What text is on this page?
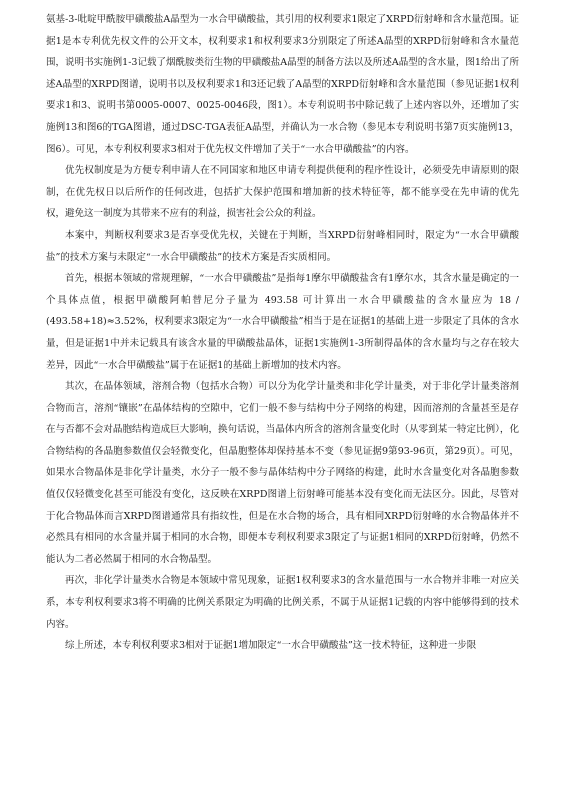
氨基-3-吡啶甲酰胺甲磺酸盐A晶型为一水合甲磺酸盐，其引用的权利要求1限定了XRPD衍射峰和含水量范围。证据1是本专利优先权文件的公开文本，权利要求1和权利要求3分别限定了所述A晶型的XRPD衍射峰和含水量范围，说明书实施例1-3记载了烟酰胺类衍生物的甲磺酸盐A晶型的制备方法以及所述A晶型的含水量，图1给出了所述A晶型的XRPD图谱，说明书以及权利要求1和3还记载了A晶型的XRPD衍射峰和含水量范围（参见证据1权利要求1和3、说明书第0005-0007、0025-0046段，图1）。本专利说明书中除记载了上述内容以外，还增加了实施例13和图6的TGA图谱，通过DSC-TGA表征A晶型，并确认为一水合物（参见本专利说明书第7页实施例13，图6）。可见，本专利权利要求3相对于优先权文件增加了关于“一水合甲磺酸盐”的内容。

优先权制度是为方便专利申请人在不同国家和地区申请专利提供便利的程序性设计，必须受先申请原则的限制，在优先权日以后所作的任何改进，包括扩大保护范围和增加新的技术特征等，都不能享受在先申请的优先权，避免这一制度为其带来不应有的利益，损害社会公众的利益。

本案中，判断权利要求3是否享受优先权，关键在于判断，当XRPD衍射峰相同时，限定为“一水合甲磺酸盐”的技术方案与未限定“一水合甲磺酸盐”的技术方案是否实质相同。

首先，根据本领域的常规理解，“一水合甲磺酸盐”是指每1摩尔甲磺酸盐含有1摩尔水，其含水量是确定的一个具体点值，根据甲磺酸阿帕替尼分子量为 493.58 可计算出一水合甲磺酸盐的含水量应为 18 / (493.58+18)≈3.52%，权利要求3限定为“一水合甲磺酸盐”相当于是在证据1的基础上进一步限定了具体的含水量，但是证据1中并未记载具有该含水量的甲磺酸盐晶体，证据1实施例1-3所制得晶体的含水量均与之存在较大差异，因此“一水合甲磺酸盐”属于在证据1的基础上新增加的技术内容。

其次，在晶体领域，溶剂合物（包括水合物）可以分为化学计量类和非化学计量类，对于非化学计量类溶剂合物而言，溶剂“镶嵌”在晶体结构的空隙中，它们一般不参与结构中分子网络的构建，因而溶剂的含量甚至是存在与否都不会对晶胞结构造成巨大影响，换句话说，当晶体内所含的溶剂含量变化时（从零到某一特定比例），化合物结构的各晶胞参数值仅会轻微变化，但晶胞整体却保持基本不变（参见证据9第93-96页，第29页）。可见，如果水合物晶体是非化学计量类，水分子一般不参与晶体结构中分子网络的构建，此时水含量变化对各晶胞参数值仅仅轻微变化甚至可能没有变化，这反映在XRPD图谱上衍射峰可能基本没有变化而无法区分。因此，尽管对于化合物晶体而言XRPD图谱通常具有指纹性，但是在水合物的场合，具有相同XRPD衍射峰的水合物晶体并不必然具有相同的水含量并属于相同的水合物，即便本专利权利要求3限定了与证据1相同的XRPD衍射峰，仍然不能认为二者必然属于相同的水合物晶型。

再次，非化学计量类水合物是本领域中常见现象，证据1权利要求3的含水量范围与一水合物并非唯一对应关系，本专利权利要求3将不明确的比例关系限定为明确的比例关系，不属于从证据1记载的内容中能够得到的技术内容。

综上所述，本专利权利要求3相对于证据1增加限定“一水合甲磺酸盐”这一技术特征，这种进一步限
